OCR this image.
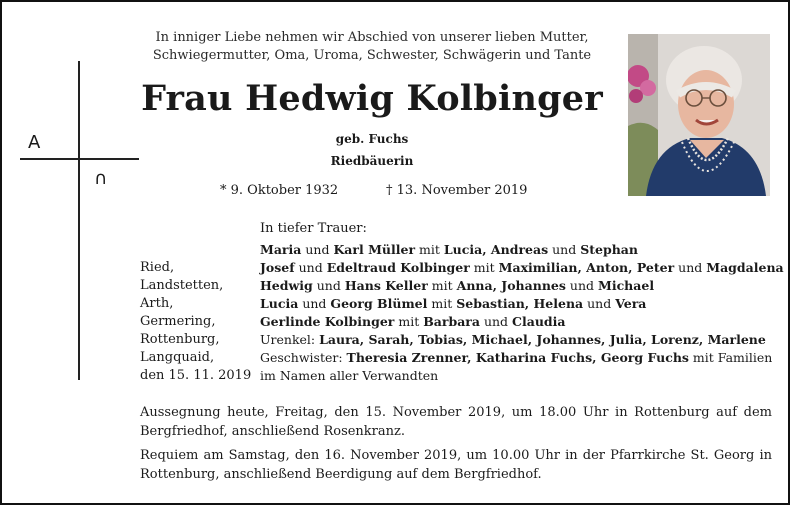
A
∩
In inniger Liebe nehmen wir Abschied von unserer lieben Mutter,
Schwiegermutter, Oma, Uroma, Schwester, Schwägerin und Tante
Frau Hedwig Kolbinger
geb. Fuchs
Riedbäuerin
* 9. Oktober 1932	† 13. November 2019
In tiefer Trauer:
Ried,
Landstetten,
Arth,
Germering,
Rottenburg,
Langquaid,
den 15. 11. 2019
Maria und Karl Müller mit Lucia, Andreas und Stephan
Josef und Edeltraud Kolbinger mit Maximilian, Anton, Peter und Magdalena
Hedwig und Hans Keller mit Anna, Johannes und Michael
Lucia und Georg Blümel mit Sebastian, Helena und Vera
Gerlinde Kolbinger mit Barbara und Claudia
Urenkel: Laura, Sarah, Tobias, Michael, Johannes, Julia, Lorenz, Marlene
Geschwister: Theresia Zrenner, Katharina Fuchs, Georg Fuchs mit Familien
im Namen aller Verwandten
Aussegnung heute, Freitag, den 15. November 2019, um 18.00 Uhr in Rottenburg auf dem Bergfriedhof, anschließend Rosenkranz.
Requiem am Samstag, den 16. November 2019, um 10.00 Uhr in der Pfarrkirche St. Georg in Rottenburg, anschließend Beerdigung auf dem Bergfriedhof.
